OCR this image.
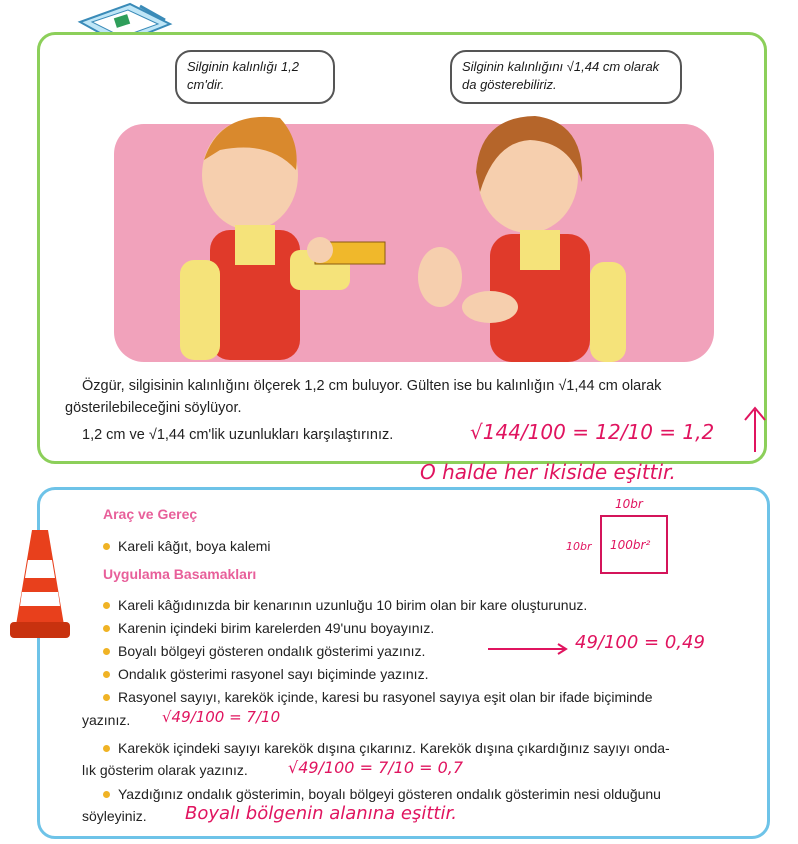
Silginin kalınlığı 1,2 cm'dir.
Silginin kalınlığını √1,44 cm olarak da gösterebiliriz.
Özgür, silgisinin kalınlığını ölçerek 1,2 cm buluyor. Gülten ise bu kalınlığın √1,44 cm olarak
gösterilebileceğini söylüyor.
1,2 cm ve √1,44 cm'lik uzunlukları karşılaştırınız.	√144/100 = 12/10 = 1,2
O halde her ikiside eşittir.
Araç ve Gereç
Kareli kâğıt, boya kalemi
Uygulama Basamakları
Kareli kâğıdınızda bir kenarının uzunluğu 10 birim olan bir kare oluşturunuz.
Karenin içindeki birim karelerden 49'unu boyayınız.
Boyalı bölgeyi gösteren ondalık gösterimi yazınız.
Ondalık gösterimi rasyonel sayı biçiminde yazınız.
Rasyonel sayıyı, karekök içinde, karesi bu rasyonel sayıya eşit olan bir ifade biçiminde
yazınız.
Karekök içindeki sayıyı karekök dışına çıkarınız. Karekök dışına çıkardığınız sayıyı onda-
lık gösterim olarak yazınız.
Yazdığınız ondalık gösterimin, boyalı bölgeyi gösteren ondalık gösterimin nesi olduğunu
söyleyiniz.
10br
10br 100br²
49/100 = 0,49
√49/100 = 7/10
√49/100 = 7/10 = 0,7
Boyalı bölgenin alanına eşittir.
